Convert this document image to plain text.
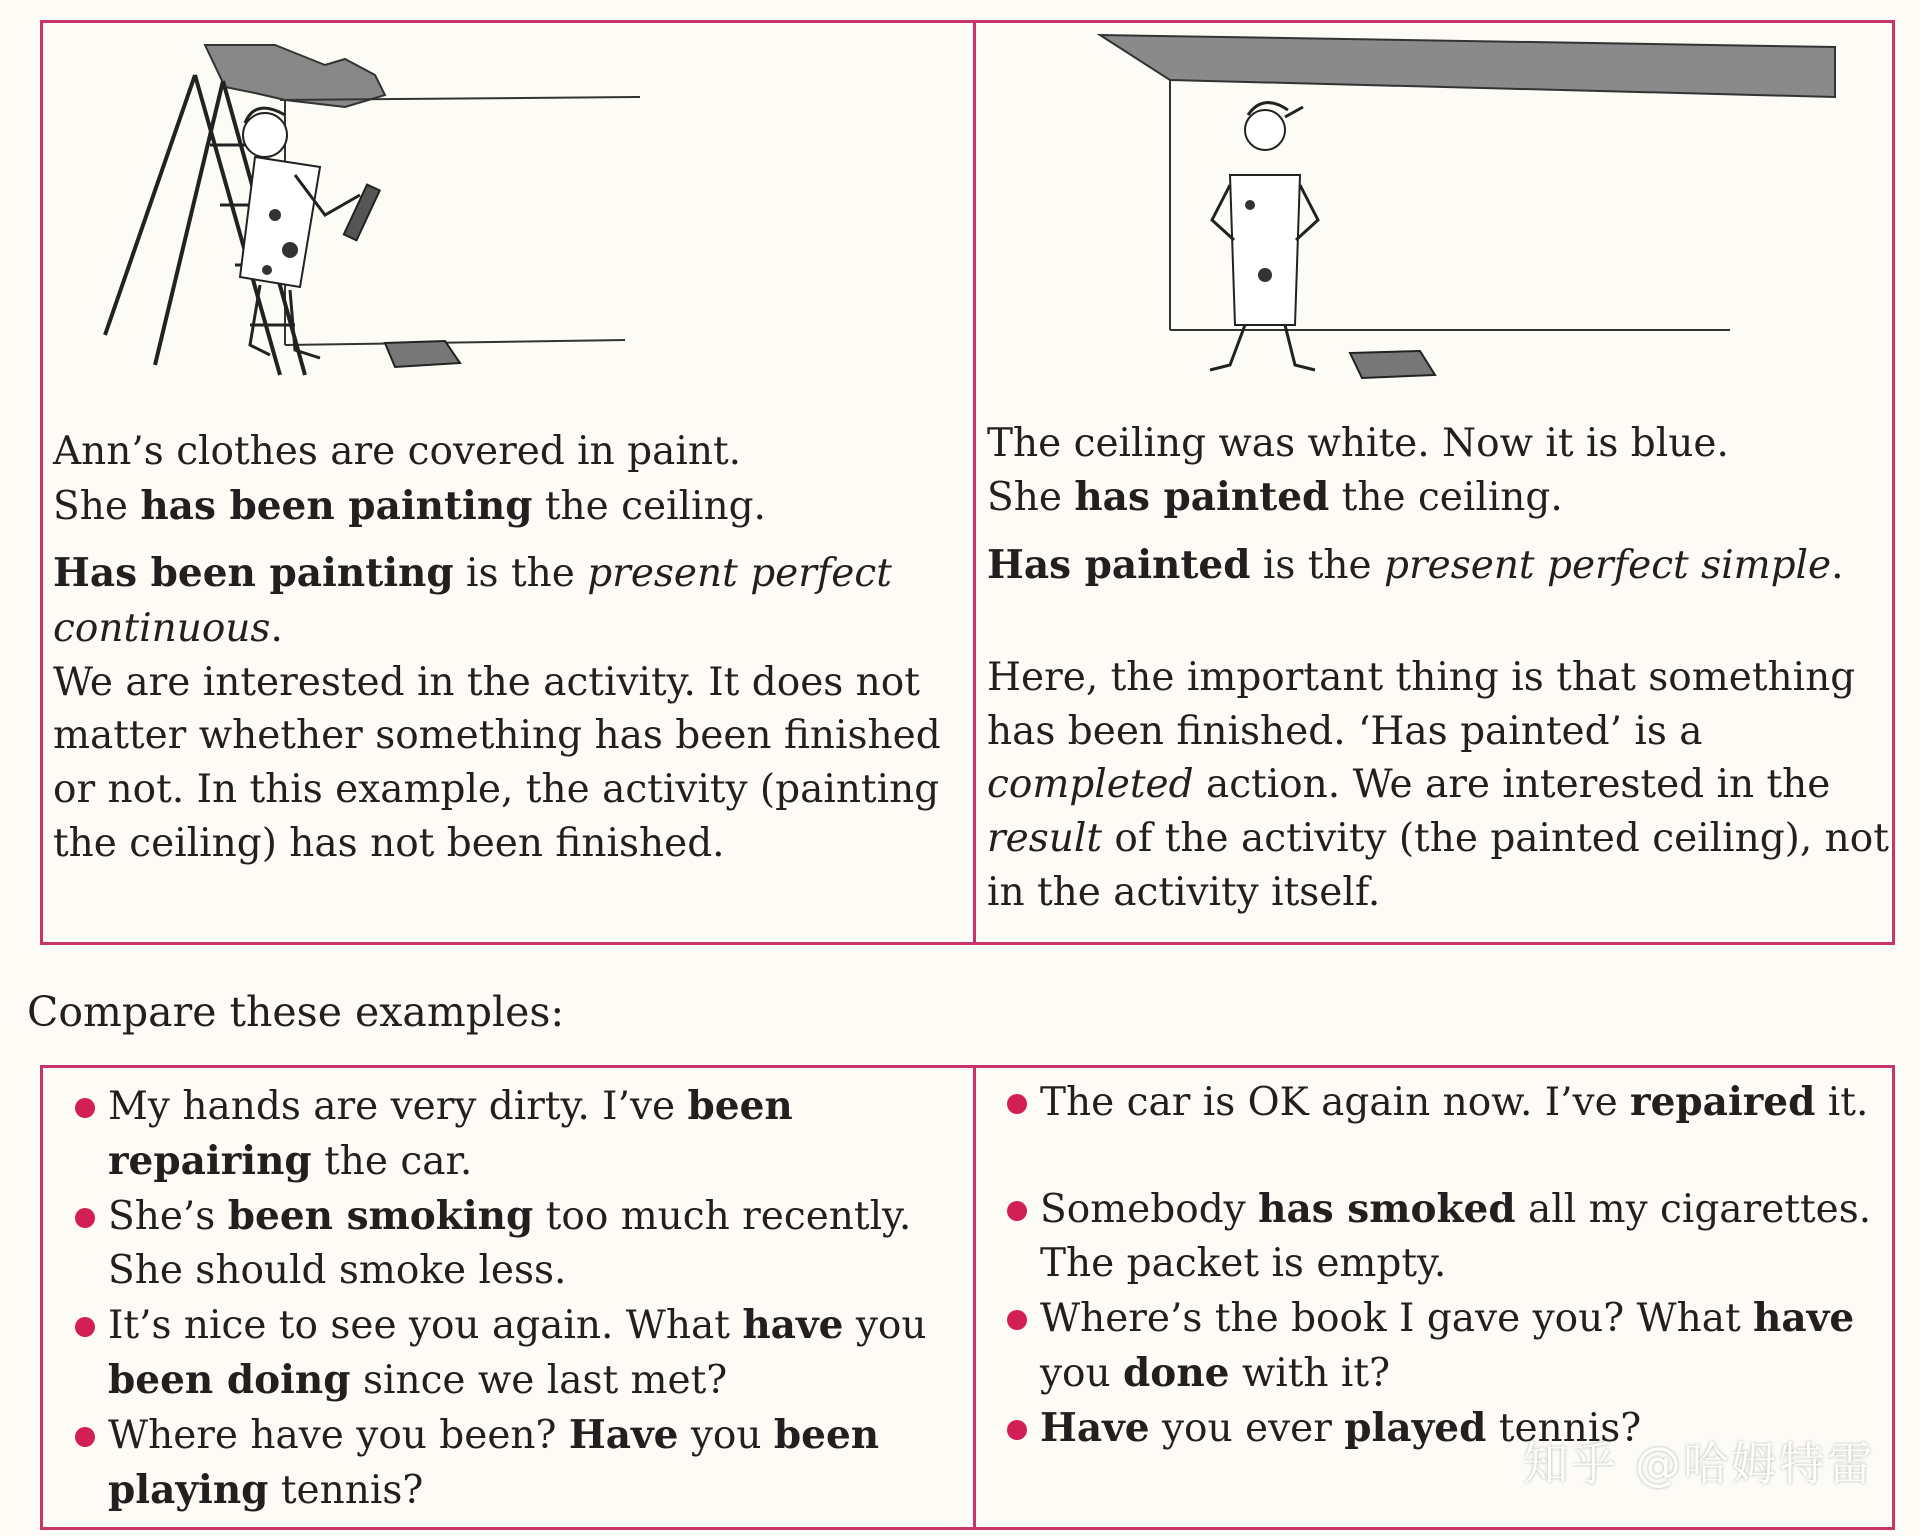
Ann’s clothes are covered in paint.
She has been painting the ceiling.
Has been painting is the present perfect
continuous.
We are interested in the activity. It does not
matter whether something has been finished
or not. In this example, the activity (painting
the ceiling) has not been finished.
The ceiling was white. Now it is blue.
She has painted the ceiling.
Has painted is the present perfect simple.
Here, the important thing is that something
has been finished. ‘Has painted’ is a
completed action. We are interested in the
result of the activity (the painted ceiling), not
in the activity itself.
Compare these examples:
My hands are very dirty. I’ve been
repairing the car.
She’s been smoking too much recently.
She should smoke less.
It’s nice to see you again. What have you
been doing since we last met?
Where have you been? Have you been
playing tennis?
The car is OK again now. I’ve repaired it.
Somebody has smoked all my cigarettes.
The packet is empty.
Where’s the book I gave you? What have
you done with it?
Have you ever played tennis?
知乎 @哈姆特雷
